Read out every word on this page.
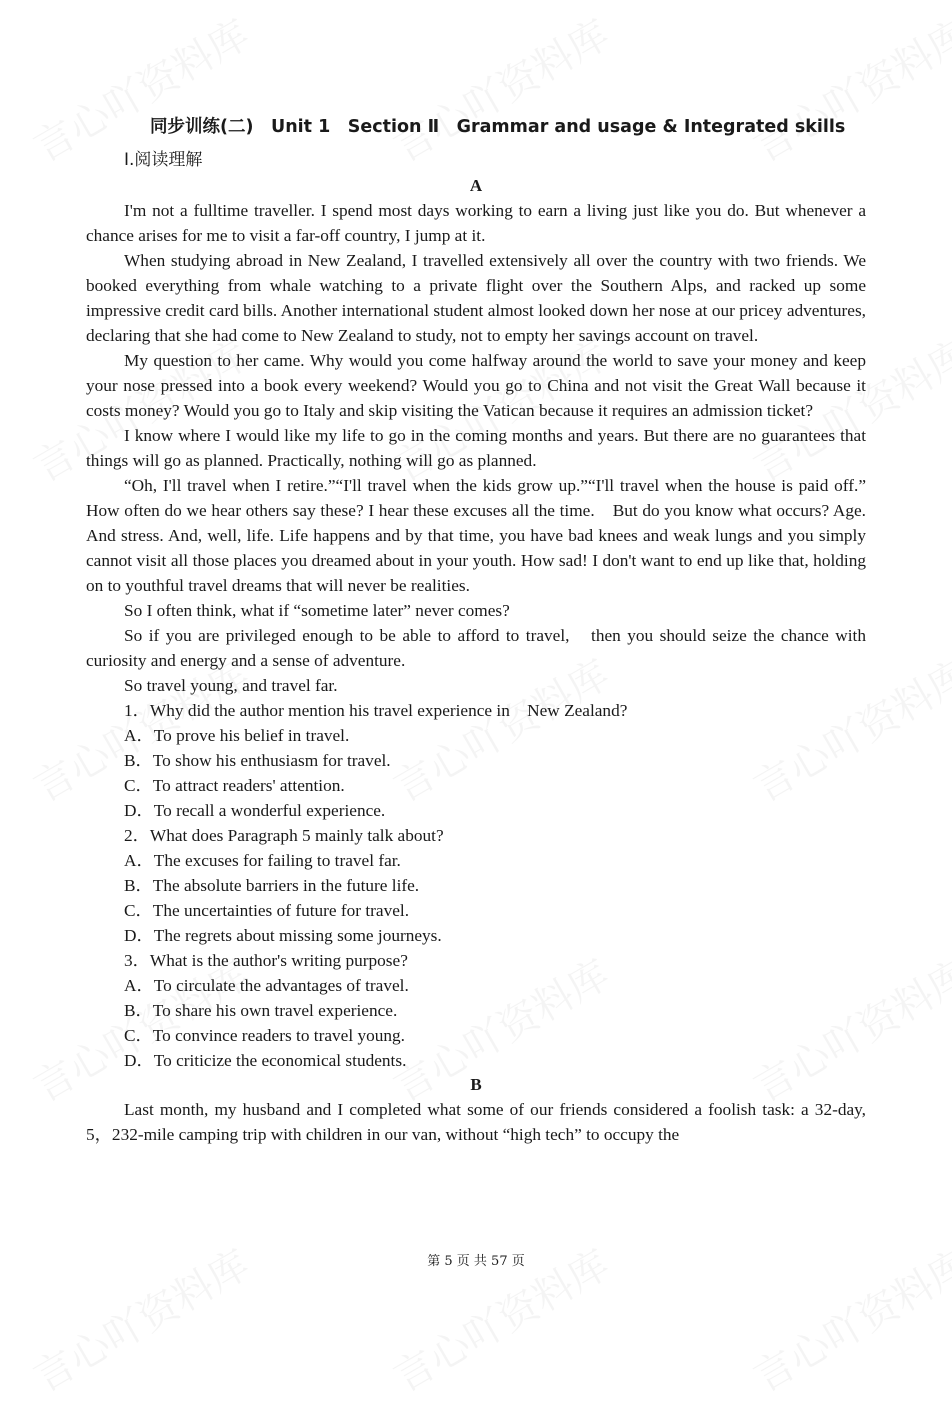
同步训练(二)　Unit 1　Section Ⅱ　Grammar and usage & Integrated skills
Ⅰ.阅读理解
A

I'm not a fulltime traveller. I spend most days working to earn a living just like you do. But whenever a chance arises for me to visit a far-off country, I jump at it.

When studying abroad in New Zealand, I travelled extensively all over the country with two friends. We booked everything from whale watching to a private flight over the Southern Alps, and racked up some impressive credit card bills. Another international student almost looked down her nose at our pricey adventures, declaring that she had come to New Zealand to study, not to empty her savings account on travel.

My question to her came. Why would you come halfway around the world to save your money and keep your nose pressed into a book every weekend? Would you go to China and not visit the Great Wall because it costs money? Would you go to Italy and skip visiting the Vatican because it requires an admission ticket?

I know where I would like my life to go in the coming months and years. But there are no guarantees that things will go as planned. Practically, nothing will go as planned.

“Oh, I'll travel when I retire.”“I'll travel when the kids grow up.”“I'll travel when the house is paid off.” How often do we hear others say these? I hear these excuses all the time.　But do you know what occurs? Age. And stress. And, well, life. Life happens and by that time, you have bad knees and weak lungs and you simply cannot visit all those places you dreamed about in your youth. How sad! I don't want to end up like that, holding on to youthful travel dreams that will never be realities.

So I often think, what if “sometime later” never comes?

So if you are privileged enough to be able to afford to travel,　then you should seize the chance with curiosity and energy and a sense of adventure.

So travel young, and travel far.

1．Why did the author mention his travel experience in　New Zealand?
A．To prove his belief in travel.
B．To show his enthusiasm for travel.
C．To attract readers' attention.
D．To recall a wonderful experience.
2．What does Paragraph 5 mainly talk about?
A．The excuses for failing to travel far.
B．The absolute barriers in the future life.
C．The uncertainties of future for travel.
D．The regrets about missing some journeys.
3．What is the author's writing purpose?
A．To circulate the advantages of travel.
B．To share his own travel experience.
C．To convince readers to travel young.
D．To criticize the economical students.
B

Last month, my husband and I completed what some of our friends considered a foolish task: a 32-day,　5，232-mile camping trip with children in our van, without “high tech” to occupy the

第 5 页 共 57 页
